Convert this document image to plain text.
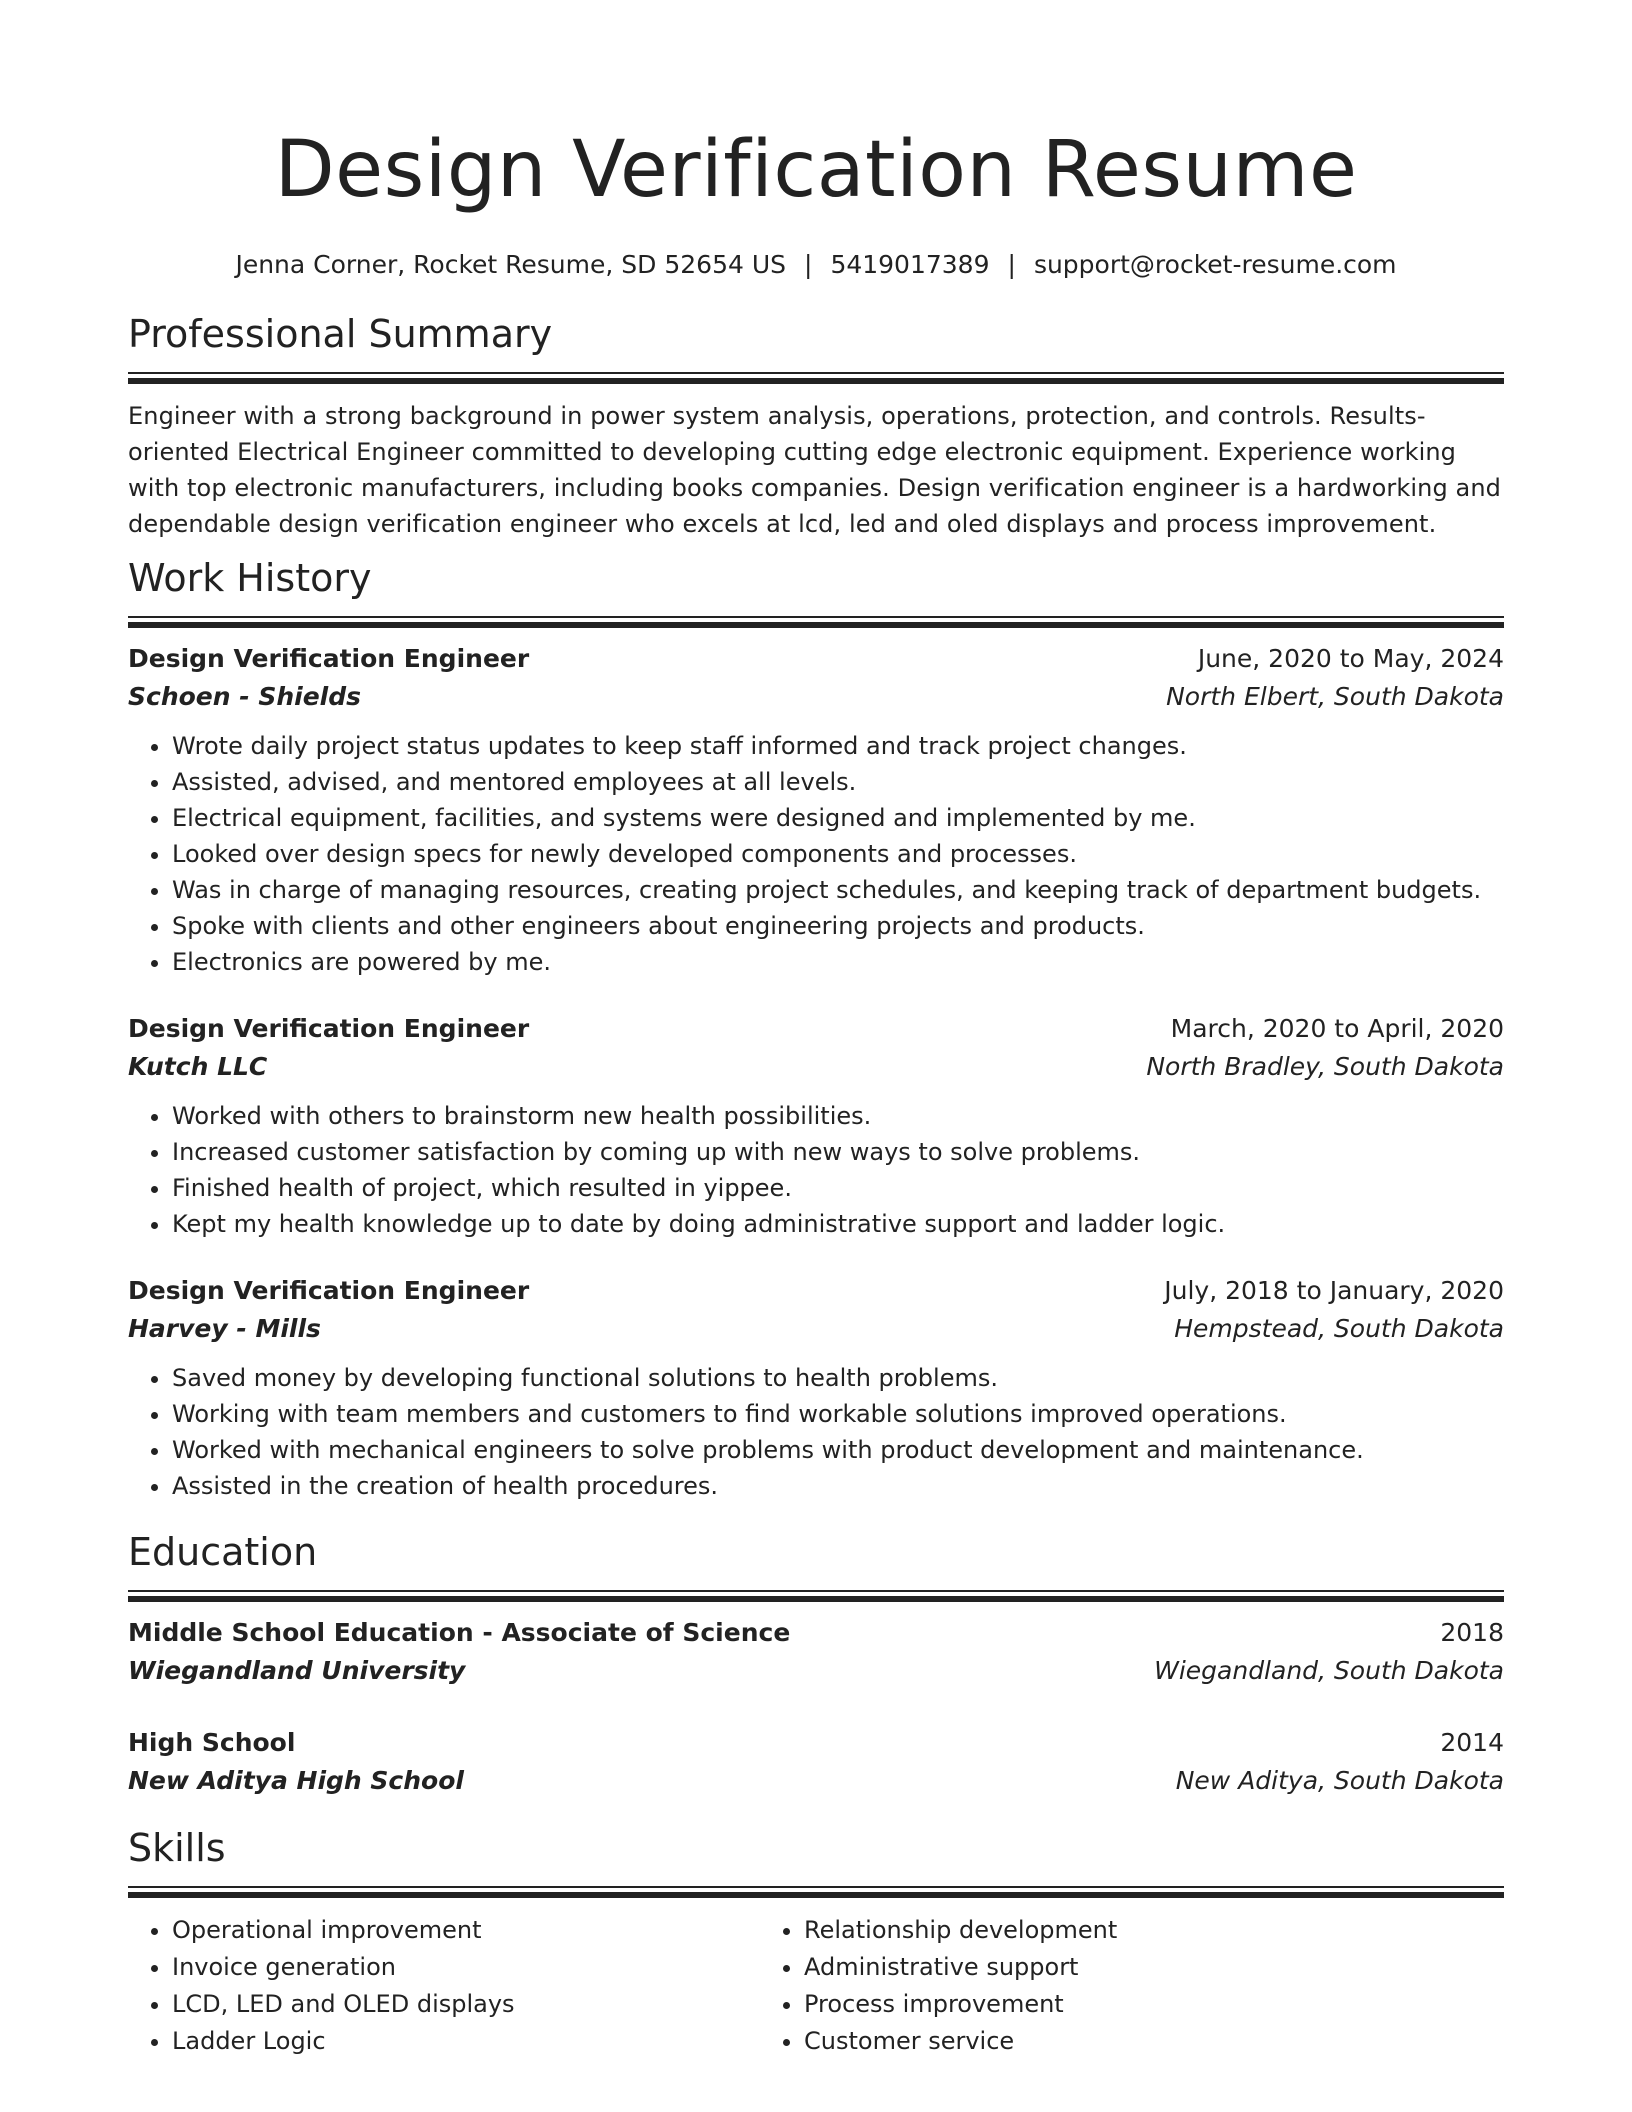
Design Verification Resume
Jenna Corner, Rocket Resume, SD 52654 US | 5419017389 | support@rocket-resume.com
Professional Summary

Engineer with a strong background in power system analysis, operations, protection, and controls. Results-oriented Electrical Engineer committed to developing cutting edge electronic equipment. Experience working with top electronic manufacturers, including books companies. Design verification engineer is a hardworking and dependable design verification engineer who excels at lcd, led and oled displays and process improvement.

Work History
Design Verification Engineer	June, 2020 to May, 2024
Schoen - Shields	North Elbert, South Dakota
• Wrote daily project status updates to keep staff informed and track project changes.
• Assisted, advised, and mentored employees at all levels.
• Electrical equipment, facilities, and systems were designed and implemented by me.
• Looked over design specs for newly developed components and processes.
• Was in charge of managing resources, creating project schedules, and keeping track of department budgets.
• Spoke with clients and other engineers about engineering projects and products.
• Electronics are powered by me.
Design Verification Engineer	March, 2020 to April, 2020
Kutch LLC	North Bradley, South Dakota
• Worked with others to brainstorm new health possibilities.
• Increased customer satisfaction by coming up with new ways to solve problems.
• Finished health of project, which resulted in yippee.
• Kept my health knowledge up to date by doing administrative support and ladder logic.
Design Verification Engineer	July, 2018 to January, 2020
Harvey - Mills	Hempstead, South Dakota
• Saved money by developing functional solutions to health problems.
• Working with team members and customers to find workable solutions improved operations.
• Worked with mechanical engineers to solve problems with product development and maintenance.
• Assisted in the creation of health procedures.
Education
Middle School Education - Associate of Science	2018
Wiegandland University	Wiegandland, South Dakota
High School	2014
New Aditya High School	New Aditya, South Dakota
Skills
• Operational improvement
• Invoice generation
• LCD, LED and OLED displays
• Ladder Logic
• Relationship development
• Administrative support
• Process improvement
• Customer service
